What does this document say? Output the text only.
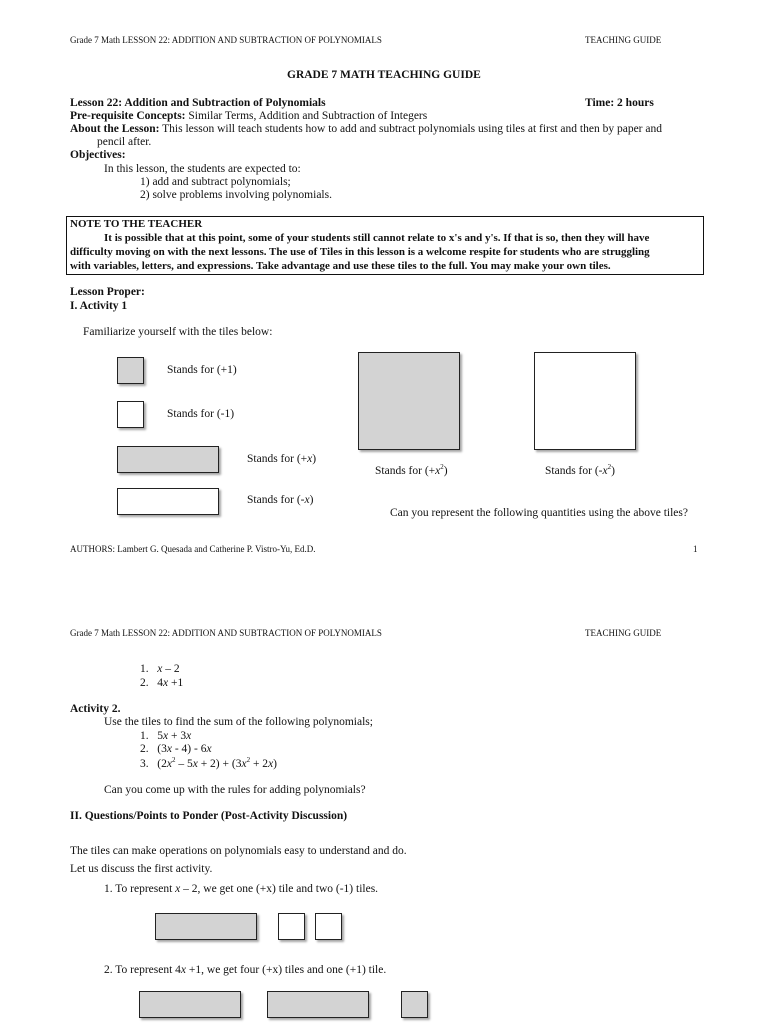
Grade 7 Math LESSON 22: ADDITION AND SUBTRACTION OF POLYNOMIALS	TEACHING GUIDE
GRADE 7 MATH TEACHING GUIDE
Lesson 22: Addition and Subtraction of Polynomials	Time: 2 hours
Pre-requisite Concepts: Similar Terms, Addition and Subtraction of Integers
About the Lesson: This lesson will teach students how to add and subtract polynomials using tiles at first and then by paper and
pencil after.
Objectives:
In this lesson, the students are expected to:
1) add and subtract polynomials;
2) solve problems involving polynomials.
NOTE TO THE TEACHER
It is possible that at this point, some of your students still cannot relate to x's and y's. If that is so, then they will have
difficulty moving on with the next lessons. The use of Tiles in this lesson is a welcome respite for students who are struggling
with variables, letters, and expressions. Take advantage and use these tiles to the full. You may make your own tiles.
Lesson Proper:
I. Activity 1
Familiarize yourself with the tiles below:
Stands for (+1)
Stands for (-1)
Stands for (+x)
Stands for (-x)
Stands for $(+x^2)$	Stands for $(-x^2)$
Can you represent the following quantities using the above tiles?
AUTHORS: Lambert G. Quesada and Catherine P. Vistro-Yu, Ed.D.	1
Grade 7 Math LESSON 22: ADDITION AND SUBTRACTION OF POLYNOMIALS	TEACHING GUIDE
1. x – 2
2.   4x +1
Activity 2.
Use the tiles to find the sum of the following polynomials;
1.   5x + 3x
2.   (3x - 4) - 6x
3.   $(2x^2 - 5x + 2) + (3x^2 + 2x)$
Can you come up with the rules for adding polynomials?
II. Questions/Points to Ponder (Post-Activity Discussion)
The tiles can make operations on polynomials easy to understand and do.
Let us discuss the first activity.
1. To represent x – 2, we get one (+x) tile and two (-1) tiles.
2. To represent 4x +1, we get four (+x) tiles and one (+1) tile.
